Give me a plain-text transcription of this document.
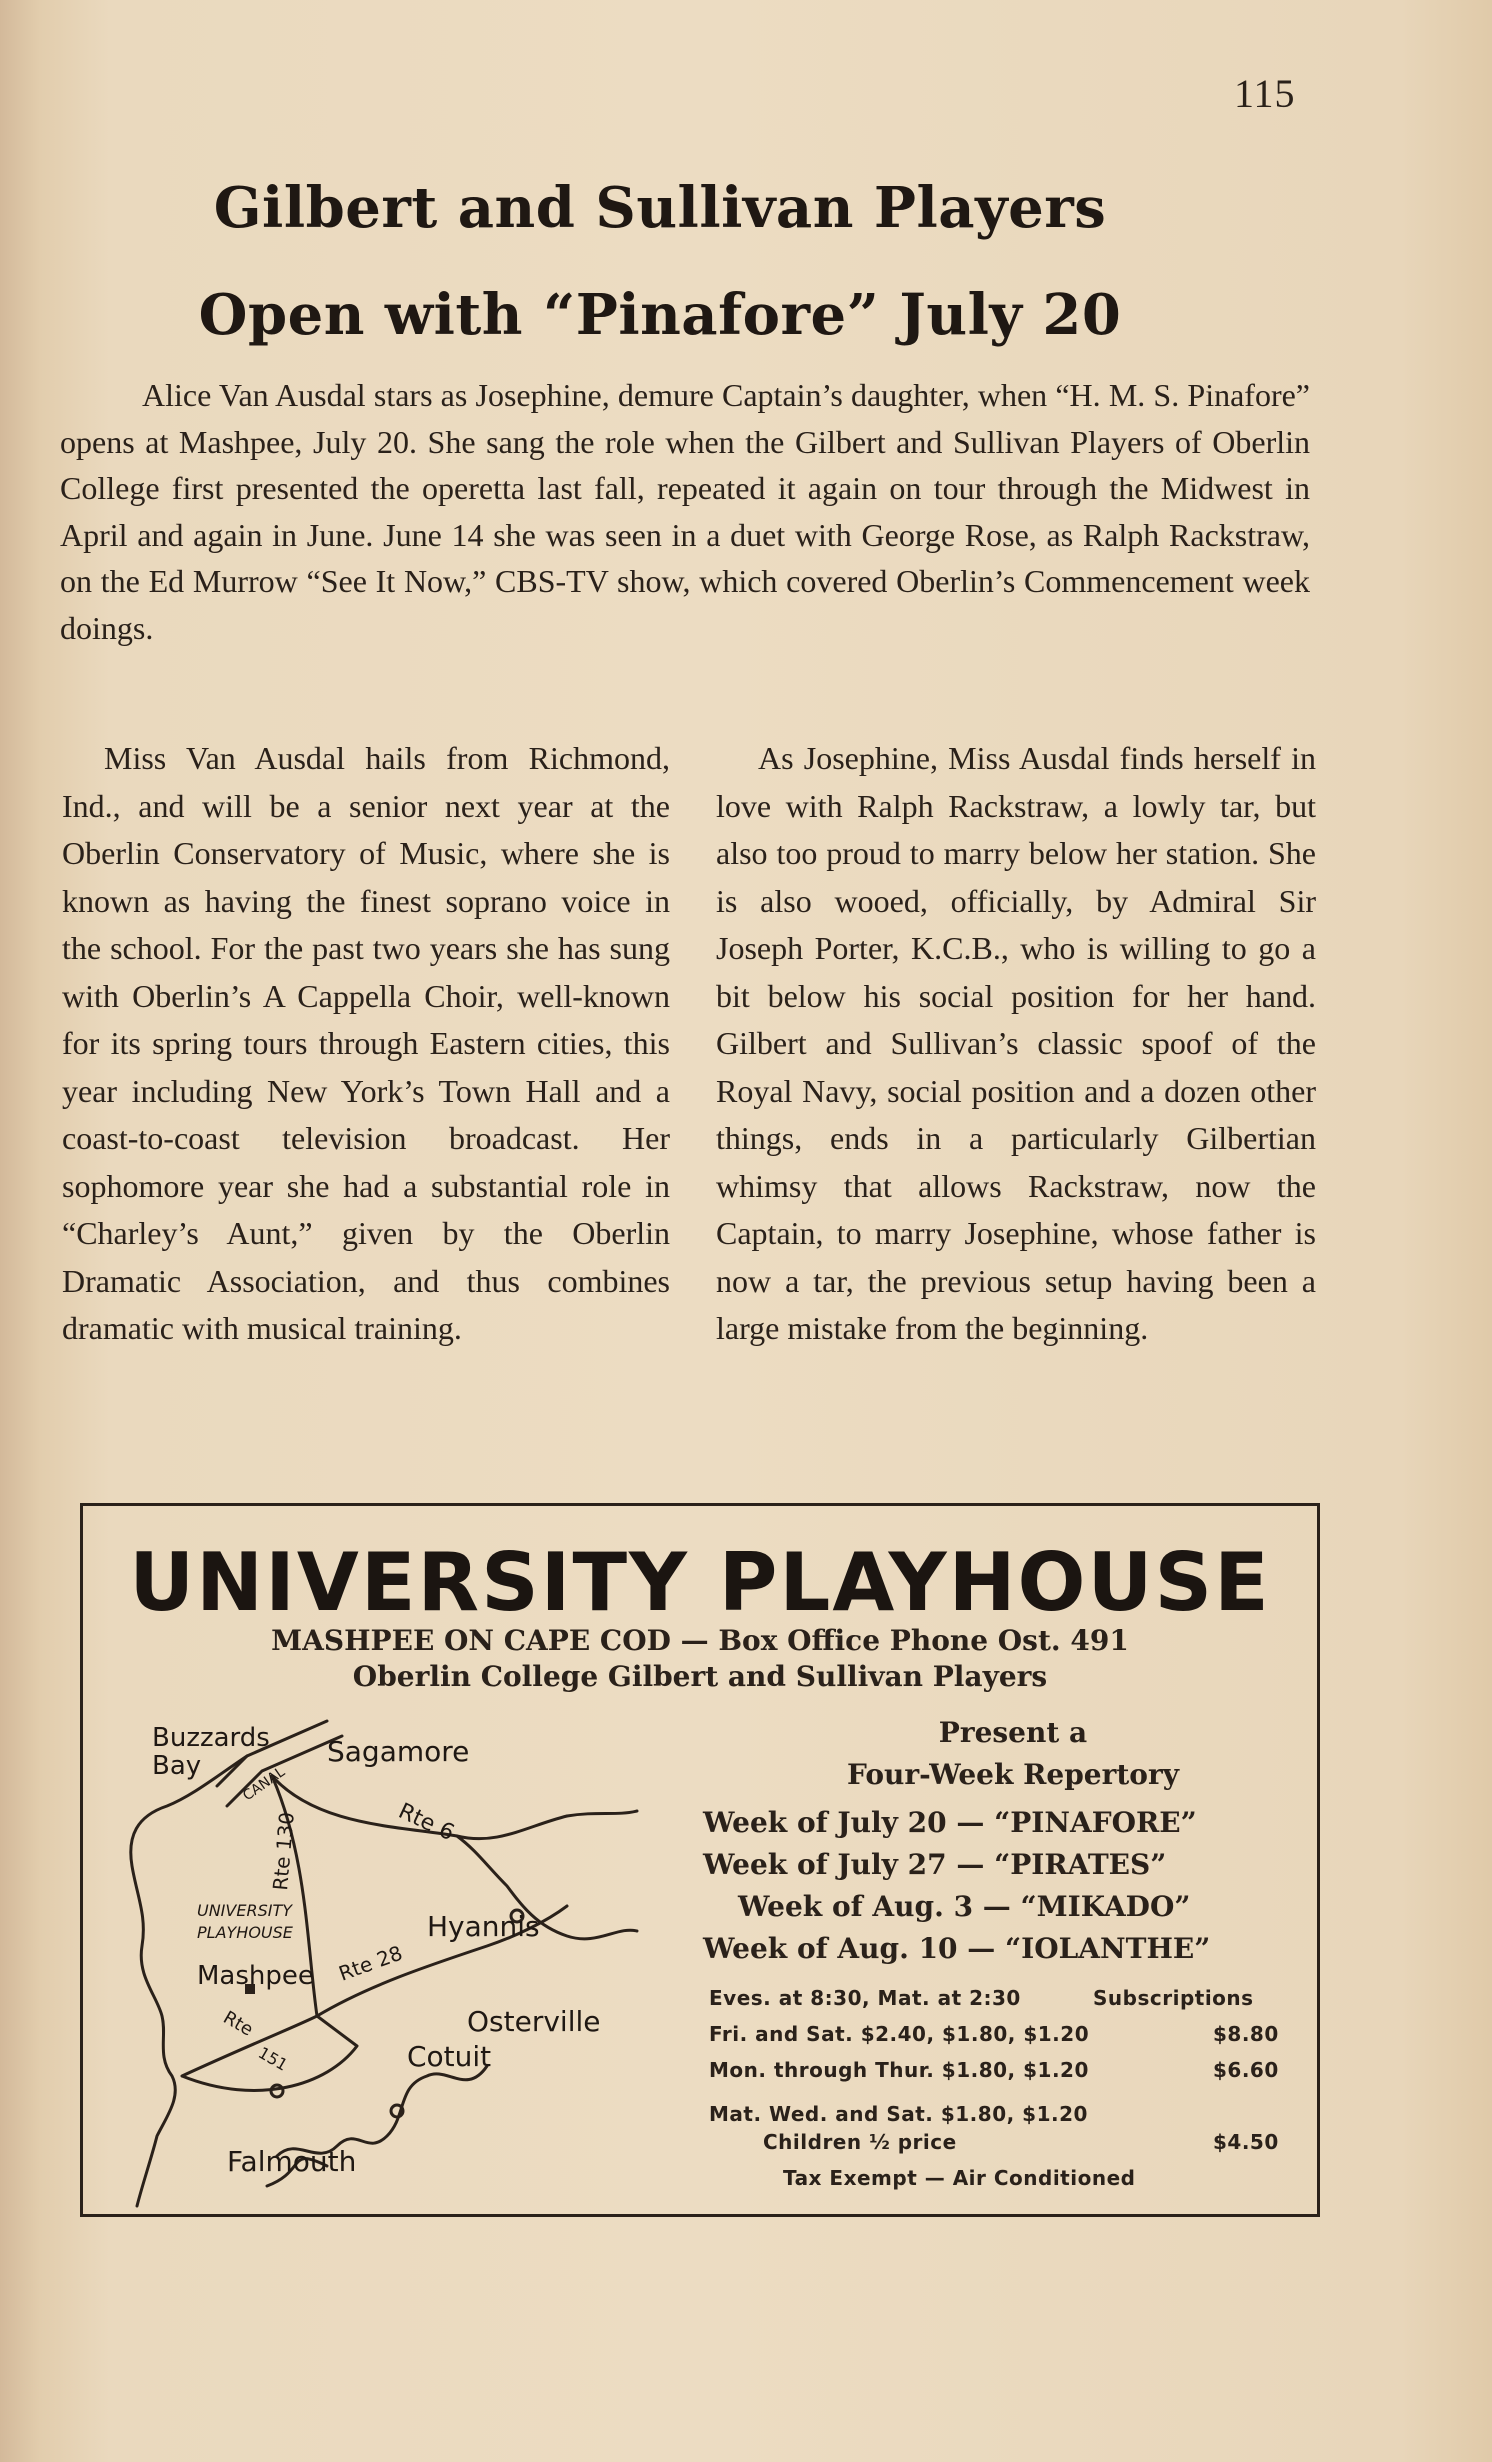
115
Gilbert and Sullivan Players
Open with “Pinafore” July 20

Alice Van Ausdal stars as Josephine, demure Captain’s daughter, when “H. M. S. Pinafore” opens at Mashpee, July 20. She sang the role when the Gilbert and Sullivan Players of Oberlin College first presented the operetta last fall, repeated it again on tour through the Midwest in April and again in June. June 14 she was seen in a duet with George Rose, as Ralph Rackstraw, on the Ed Murrow “See It Now,” CBS-TV show, which covered Oberlin’s Commencement week doings.

Miss Van Ausdal hails from Richmond, Ind., and will be a senior next year at the Oberlin Conservatory of Music, where she is known as having the finest soprano voice in the school. For the past two years she has sung with Oberlin’s A Cappella Choir, well-known for its spring tours through Eastern cities, this year including New York’s Town Hall and a coast-to-coast television broadcast. Her sophomore year she had a substantial role in “Charley’s Aunt,” given by the Oberlin Dramatic Association, and thus combines dramatic with musical training.

As Josephine, Miss Ausdal finds herself in love with Ralph Rackstraw, a lowly tar, but also too proud to marry below her station. She is also wooed, officially, by Admiral Sir Joseph Porter, K.C.B., who is willing to go a bit below his social position for her hand. Gilbert and Sullivan’s classic spoof of the Royal Navy, social position and a dozen other things, ends in a particularly Gilbertian whimsy that allows Rackstraw, now the Captain, to marry Josephine, whose father is now a tar, the previous setup having been a large mistake from the beginning.

UNIVERSITY PLAYHOUSE
MASHPEE ON CAPE COD — Box Office Phone Ost. 491
Oberlin College Gilbert and Sullivan Players
Buzzards
Bay	CANAL
Sagamore
Rte 6
Rte 130
UNIVERSITY
PLAYHOUSE	Hyannis
Mashpee Rte 28
Rte
151
Osterville
Cotuit
Falmouth
Present a
Four-Week Repertory
Week of July 20 — “PINAFORE”
Week of July 27 — “PIRATES”
Week of Aug. 3 — “MIKADO”
Week of Aug. 10 — “IOLANTHE”
Eves. at 8:30, Mat. at 2:30	Subscriptions
Fri. and Sat. $2.40, $1.80, $1.20	$8.80
Mon. through Thur. $1.80, $1.20	$6.60
Mat. Wed. and Sat. $1.80, $1.20
Children ½ price	$4.50
Tax Exempt — Air Conditioned
